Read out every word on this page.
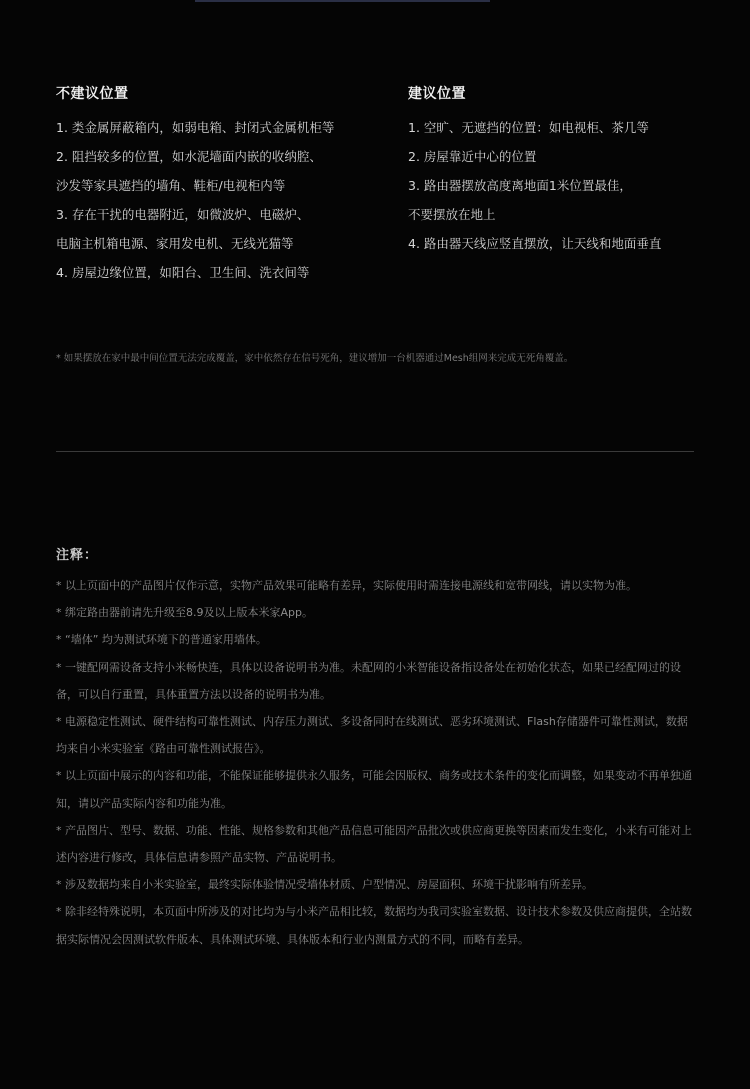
不建议位置
1. 类金属屏蔽箱内，如弱电箱、封闭式金属机柜等
2. 阻挡较多的位置，如水泥墙面内嵌的收纳腔、
沙发等家具遮挡的墙角、鞋柜/电视柜内等
3. 存在干扰的电器附近，如微波炉、电磁炉、
电脑主机箱电源、家用发电机、无线光猫等
4. 房屋边缘位置，如阳台、卫生间、洗衣间等
建议位置
1. 空旷、无遮挡的位置：如电视柜、茶几等
2. 房屋靠近中心的位置
3. 路由器摆放高度离地面1米位置最佳，
不要摆放在地上
4. 路由器天线应竖直摆放，让天线和地面垂直

* 如果摆放在家中最中间位置无法完成覆盖，家中依然存在信号死角，建议增加一台机器通过Mesh组网来完成无死角覆盖。

注释：
* 以上页面中的产品图片仅作示意，实物产品效果可能略有差异，实际使用时需连接电源线和宽带网线，请以实物为准。
* 绑定路由器前请先升级至8.9及以上版本米家App。
* “墙体” 均为测试环境下的普通家用墙体。
* 一键配网需设备支持小米畅快连，具体以设备说明书为准。未配网的小米智能设备指设备处在初始化状态，如果已经配网过的设备，可以自行重置，具体重置方法以设备的说明书为准。
* 电源稳定性测试、硬件结构可靠性测试、内存压力测试、多设备同时在线测试、恶劣环境测试、Flash存储器件可靠性测试，数据均来自小米实验室《路由可靠性测试报告》。
* 以上页面中展示的内容和功能，不能保证能够提供永久服务，可能会因版权、商务或技术条件的变化而调整，如果变动不再单独通知，请以产品实际内容和功能为准。
* 产品图片、型号、数据、功能、性能、规格参数和其他产品信息可能因产品批次或供应商更换等因素而发生变化，小米有可能对上述内容进行修改，具体信息请参照产品实物、产品说明书。
* 涉及数据均来自小米实验室，最终实际体验情况受墙体材质、户型情况、房屋面积、环境干扰影响有所差异。
* 除非经特殊说明，本页面中所涉及的对比均为与小米产品相比较，数据均为我司实验室数据、设计技术参数及供应商提供，全站数据实际情况会因测试软件版本、具体测试环境、具体版本和行业内测量方式的不同，而略有差异。
